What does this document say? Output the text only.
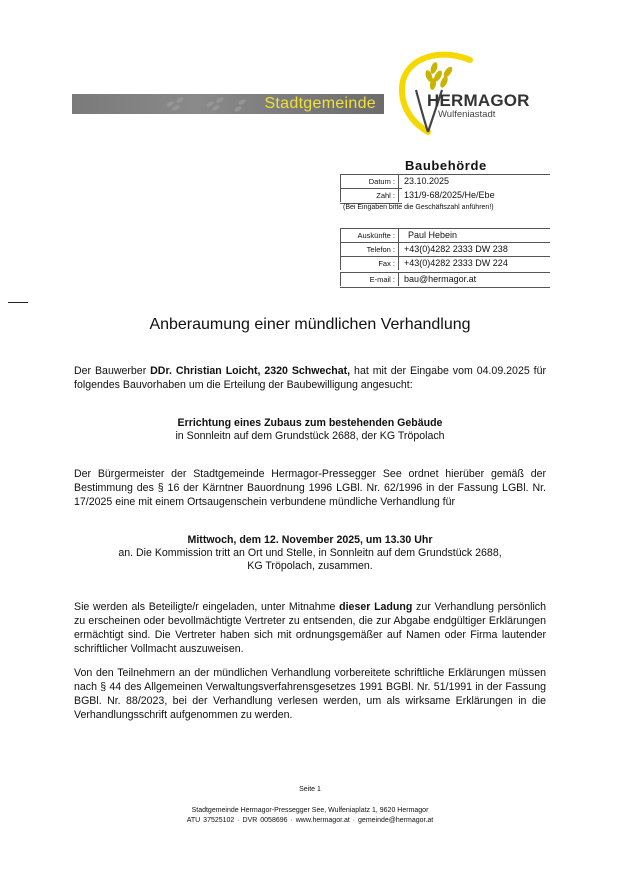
Stadtgemeinde	HERMAGOR
Wulfeniastadt
Baubehörde
Datum :	23.10.2025
Zahl :	131/9-68/2025/He/Ebe
(Bei Eingaben bitte die Geschäftszahl anführen!)
Auskünfte :	Paul Hebein
Telefon :	+43(0)4282 2333 DW 238
Fax :	+43(0)4282 2333 DW 224
E-mail :	bau@hermagor.at
Anberaumung einer mündlichen Verhandlung
Der Bauwerber DDr. Christian Loicht, 2320 Schwechat, hat mit der Eingabe vom 04.09.2025 für folgendes Bauvorhaben um die Erteilung der Baubewilligung angesucht:
Errichtung eines Zubaus zum bestehenden Gebäude
in Sonnleitn auf dem Grundstück 2688, der KG Tröpolach
Der Bürgermeister der Stadtgemeinde Hermagor-Pressegger See ordnet hierüber gemäß der Bestimmung des § 16 der Kärntner Bauordnung 1996 LGBl. Nr. 62/1996 in der Fassung LGBl. Nr. 17/2025 eine mit einem Ortsaugenschein verbundene mündliche Verhandlung für
Mittwoch, dem 12. November 2025, um 13.30 Uhr
an. Die Kommission tritt an Ort und Stelle, in Sonnleitn auf dem Grundstück 2688,
KG Tröpolach, zusammen.
Sie werden als Beteiligte/r eingeladen, unter Mitnahme dieser Ladung zur Verhandlung persönlich zu erscheinen oder bevollmächtigte Vertreter zu entsenden, die zur Abgabe endgültiger Erklärungen ermächtigt sind. Die Vertreter haben sich mit ordnungsgemäßer auf Namen oder Firma lautender schriftlicher Vollmacht auszuweisen.
Von den Teilnehmern an der mündlichen Verhandlung vorbereitete schriftliche Erklärungen müssen nach § 44 des Allgemeinen Verwaltungsverfahrensgesetzes 1991 BGBl. Nr. 51/1991 in der Fassung BGBl. Nr. 88/2023, bei der Verhandlung verlesen werden, um als wirksame Erklärungen in die Verhandlungsschrift aufgenommen zu werden.
Seite 1
Stadtgemeinde Hermagor-Pressegger See, Wulfeniaplatz 1, 9620 Hermagor
ATU 37525102 · DVR 0058696 · www.hermagor.at · gemeinde@hermagor.at
